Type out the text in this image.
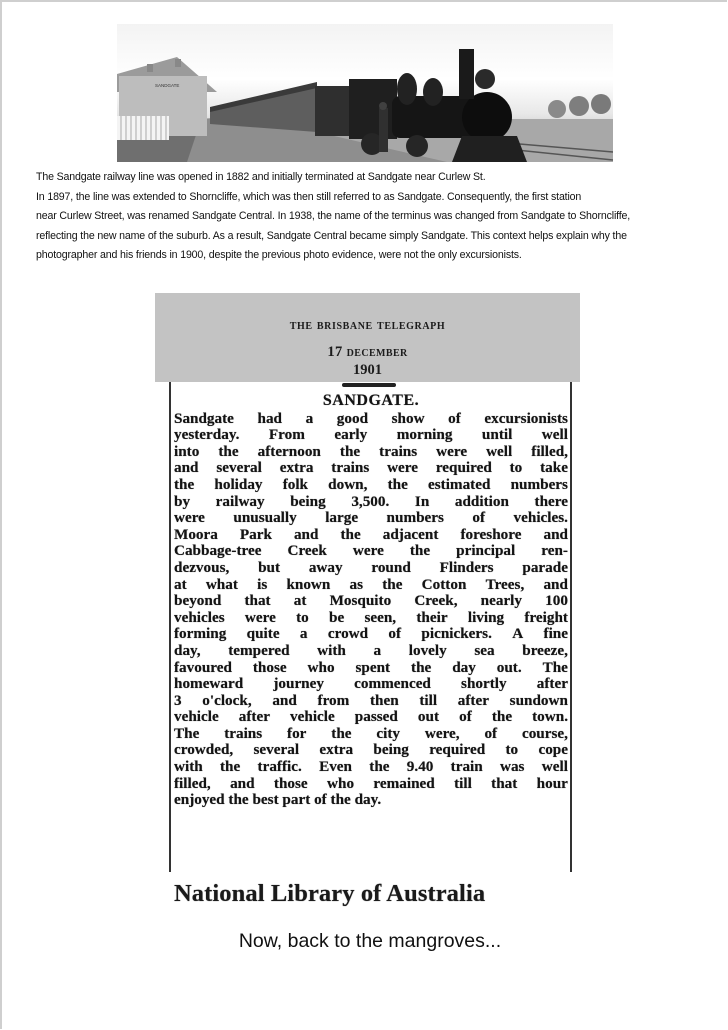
SANDGATE

The Sandgate railway line was opened in 1882 and initially terminated at Sandgate near Curlew St.

In 1897, the line was extended to Shorncliffe, which was then still referred to as Sandgate. Consequently, the first station

near Curlew Street, was renamed Sandgate Central. In 1938, the name of the terminus was changed from Sandgate to Shorncliffe,

reflecting the new name of the suburb. As a result, Sandgate Central became simply Sandgate. This context helps explain why the

photographer and his friends in 1900, despite the previous photo evidence, were not the only excursionists.

the brisbane telegraph
17 december
1901
SANDGATE.
Sandgate had a good show of excursionists
yesterday. From early morning until well
into the afternoon the trains were well filled,
and several extra trains were required to take
the holiday folk down, the estimated numbers
by railway being 3,500. In addition there
were unusually large numbers of vehicles.
Moora Park and the adjacent foreshore and
Cabbage-tree Creek were the principal ren-
dezvous, but away round Flinders parade
at what is known as the Cotton Trees, and
beyond that at Mosquito Creek, nearly 100
vehicles were to be seen, their living freight
forming quite a crowd of picnickers. A fine
day, tempered with a lovely sea breeze,
favoured those who spent the day out. The
homeward journey commenced shortly after
3 o'clock, and from then till after sundown
vehicle after vehicle passed out of the town.
The trains for the city were, of course,
crowded, several extra being required to cope
with the traffic. Even the 9.40 train was well
filled, and those who remained till that hour
enjoyed the best part of the day.
National Library of Australia
Now, back to the mangroves...
